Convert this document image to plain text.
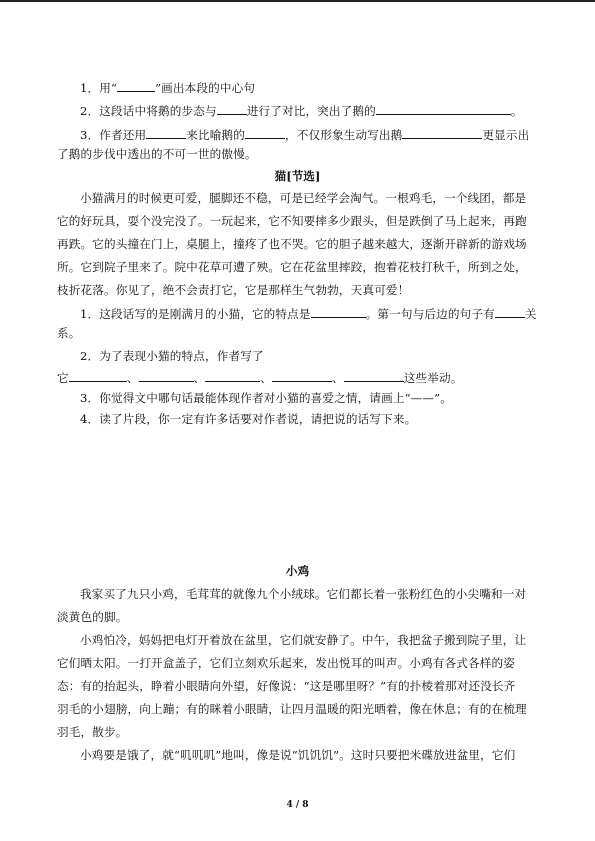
1．用“	”画出本段的中心句
2．这段话中将鹅的步态与	进行了对比，突出了鹅的	。
3．作者还用	来比喻鹅的	，不仅形象生动写出鹅	更显示出
了鹅的步伐中透出的不可一世的傲慢。
猫[节选]
小猫满月的时候更可爱，腿脚还不稳，可是已经学会淘气。一根鸡毛，一个线团，都是
它的好玩具，耍个没完没了。一玩起来，它不知要摔多少跟头，但是跌倒了马上起来，再跑
再跌。它的头撞在门上，桌腿上，撞疼了也不哭。它的胆子越来越大，逐渐开辟新的游戏场
所。它到院子里来了。院中花草可遭了殃。它在花盆里摔跤，抱着花枝打秋千，所到之处，
枝折花落。你见了，绝不会责打它，它是那样生气勃勃，天真可爱！
1．这段话写的是刚满月的小猫，它的特点是	。第一句与后边的句子有	关
系。
2．为了表现小猫的特点，作者写了
它	、	、	、	、	这些举动。
3．你觉得文中哪句话最能体现作者对小猫的喜爱之情，请画上“——”。
4．读了片段，你一定有许多话要对作者说，请把说的话写下来。
小鸡
我家买了九只小鸡，毛茸茸的就像九个小绒球。它们都长着一张粉红色的小尖嘴和一对
淡黄色的脚。
小鸡怕冷，妈妈把电灯开着放在盆里，它们就安静了。中午，我把盆子搬到院子里，让
它们晒太阳。一打开盒盖子，它们立刻欢乐起来，发出悦耳的叫声。小鸡有各式各样的姿
态：有的抬起头，睁着小眼睛向外望，好像说：“这是哪里呀？”有的扑棱着那对还没长齐
羽毛的小翅膀，向上蹦；有的眯着小眼睛，让四月温暖的阳光晒着，像在休息；有的在梳理
羽毛，散步。
小鸡要是饿了，就“叽叽叽”地叫，像是说“饥饥饥”。这时只要把米碟放进盆里，它们
4 / 8
